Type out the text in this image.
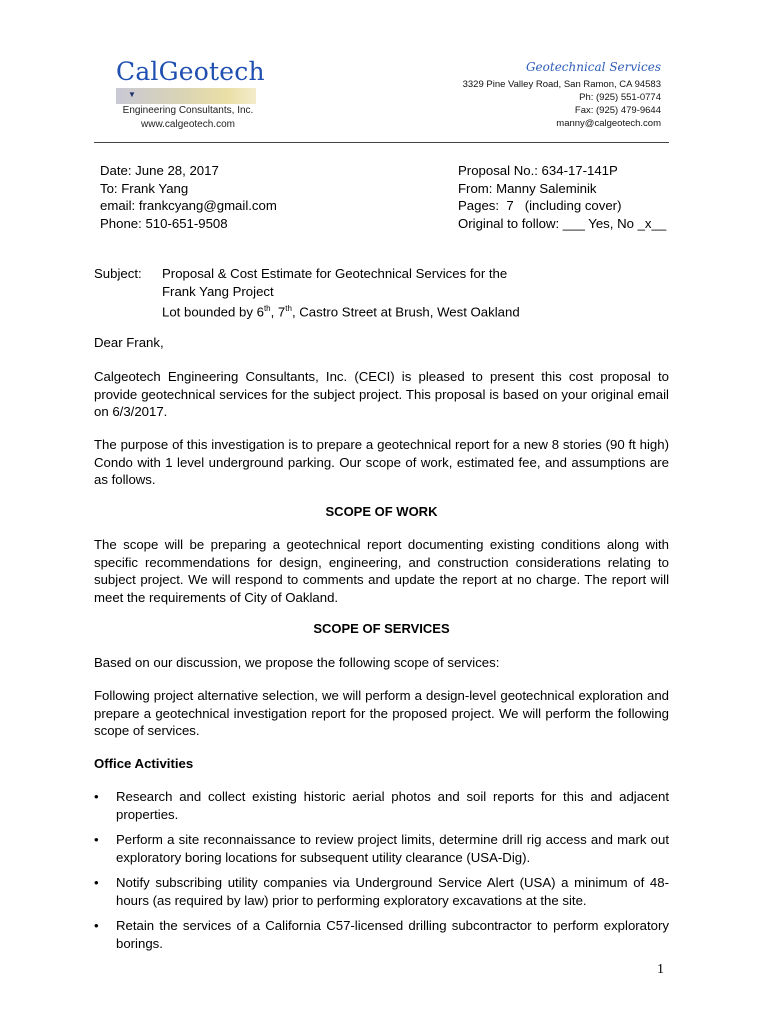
CalGeotech
▼
Engineering Consultants, Inc.
www.calgeotech.com
Geotechnical Services
3329 Pine Valley Road, San Ramon, CA 94583
Ph: (925) 551-0774
Fax: (925) 479-9644
manny@calgeotech.com
Date: June 28, 2017
To: Frank Yang
email: frankcyang@gmail.com
Phone: 510-651-9508
Proposal No.: 634-17-141P
From: Manny Saleminik
Pages:  7   (including cover)
Original to follow: ___ Yes, No _x__
Subject: Proposal & Cost Estimate for Geotechnical Services for the
Frank Yang Project
Lot bounded by 6th, 7th, Castro Street at Brush, West Oakland
Dear Frank,
Calgeotech Engineering Consultants, Inc. (CECI) is pleased to present this cost proposal to provide geotechnical services for the subject project. This proposal is based on your original email on 6/3/2017.
The purpose of this investigation is to prepare a geotechnical report for a new 8 stories (90 ft high) Condo with 1 level underground parking. Our scope of work, estimated fee, and assumptions are as follows.
SCOPE OF WORK
The scope will be preparing a geotechnical report documenting existing conditions along with specific recommendations for design, engineering, and construction considerations relating to subject project. We will respond to comments and update the report at no charge. The report will meet the requirements of City of Oakland.
SCOPE OF SERVICES
Based on our discussion, we propose the following scope of services:
Following project alternative selection, we will perform a design-level geotechnical exploration and prepare a geotechnical investigation report for the proposed project. We will perform the following scope of services.
Office Activities
• Research and collect existing historic aerial photos and soil reports for this and adjacent properties.
• Perform a site reconnaissance to review project limits, determine drill rig access and mark out exploratory boring locations for subsequent utility clearance (USA-Dig).
• Notify subscribing utility companies via Underground Service Alert (USA) a minimum of 48-hours (as required by law) prior to performing exploratory excavations at the site.
• Retain the services of a California C57-licensed drilling subcontractor to perform exploratory borings.
1
